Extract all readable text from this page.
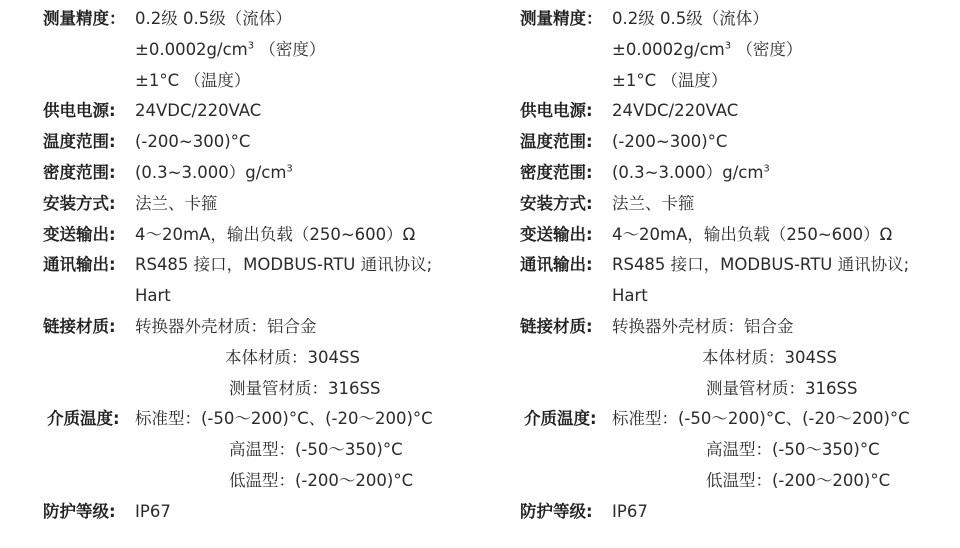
测量精度： 0.2级 0.5级（流体）
$\pm 0.0002g/cm^3$ （密度）
±1°C （温度）
供电电源: 24VDC/220VAC
温度范围: (-200~300)°C
密度范围: $(0.3\sim 3.000)g/cm^3$
安装方式: 法兰、卡箍
变送输出: 4～20mA，输出负载（250~600）Ω
通讯输出: RS485 接口，MODBUS-RTU 通讯协议;
Hart
链接材质: 转换器外壳材质：铝合金
本体材质：304SS
测量管材质：316SS
介质温度: 标准型：(-50～200)°C、(-20～200)°C
高温型：(-50～350)°C
低温型：(-200～200)°C
防护等级: IP67
测量精度： 0.2级 0.5级（流体）
$\pm 0.0002g/cm^3$ （密度）
±1°C （温度）
供电电源: 24VDC/220VAC
温度范围: (-200~300)°C
密度范围: $(0.3\sim 3.000)g/cm^3$
安装方式: 法兰、卡箍
变送输出: 4～20mA，输出负载（250~600）Ω
通讯输出: RS485 接口，MODBUS-RTU 通讯协议;
Hart
链接材质: 转换器外壳材质：铝合金
本体材质：304SS
测量管材质：316SS
介质温度: 标准型：(-50～200)°C、(-20～200)°C
高温型：(-50～350)°C
低温型：(-200～200)°C
防护等级: IP67
